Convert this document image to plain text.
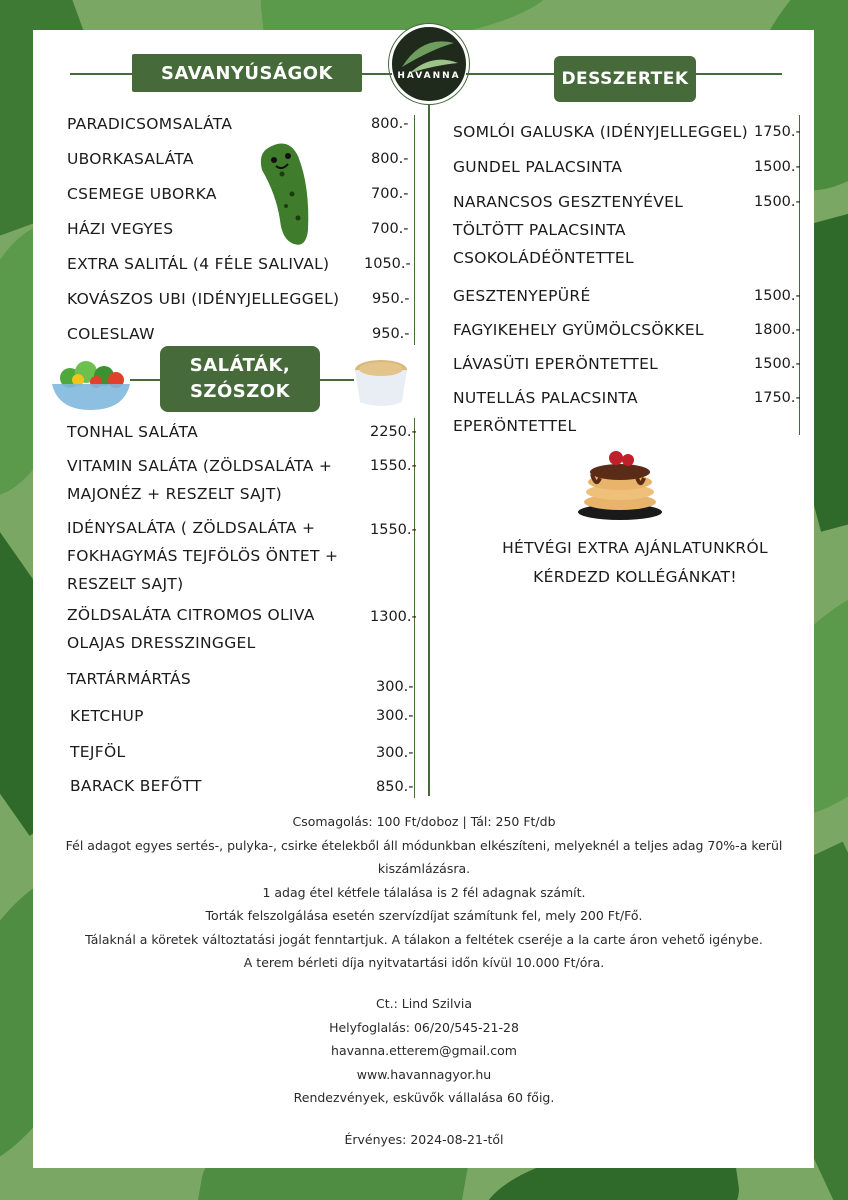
HAVANNA
SAVANYÚSÁGOK	DESSZERTEK
SALÁTÁK,
SZÓSZOK
PARADICSOMSALÁTA	800.-
UBORKASALÁTA	800.-
CSEMEGE UBORKA	700.-
HÁZI VEGYES	700.-
EXTRA SALITÁL (4 FÉLE SALIVAL) 1050.-
KOVÁSZOS UBI (IDÉNYJELLEGGEL) 950.-
COLESLAW	950.-
TONHAL SALÁTA	2250.-
VITAMIN SALÁTA (ZÖLDSALÁTA +
MAJONÉZ + RESZELT SAJT)
1550.-
IDÉNYSALÁTA ( ZÖLDSALÁTA +
FOKHAGYMÁS TEJFÖLÖS ÖNTET +
RESZELT SAJT)
1550.-
ZÖLDSALÁTA CITROMOS OLIVA
OLAJAS DRESSZINGGEL
1300.-
TARTÁRMÁRTÁS	300.-
KETCHUP	300.-
TEJFÖL	300.-
BARACK BEFŐTT	850.-
SOMLÓI GALUSKA (IDÉNYJELLEGGEL) 1750.-
GUNDEL PALACSINTA	1500.-
NARANCSOS GESZTENYÉVEL
TÖLTÖTT PALACSINTA
CSOKOLÁDÉÖNTETTEL
1500.-
GESZTENYEPÜRÉ	1500.-
FAGYIKEHELY GYÜMÖLCSÖKKEL	1800.-
LÁVASÜTI EPERÖNTETTEL	1500.-
NUTELLÁS PALACSINTA
EPERÖNTETTEL
1750.-
HÉTVÉGI EXTRA AJÁNLATUNKRÓL
KÉRDEZD KOLLÉGÁNKAT!
Csomagolás: 100 Ft/doboz | Tál: 250 Ft/db
Fél adagot egyes sertés-, pulyka-, csirke ételekből áll módunkban elkészíteni, melyeknél a teljes adag 70%-a kerül
kiszámlázásra.
1 adag étel kétfele tálalása is 2 fél adagnak számít.
Torták felszolgálása esetén szervízdíjat számítunk fel, mely 200 Ft/Fő.
Tálaknál a köretek változtatási jogát fenntartjuk. A tálakon a feltétek cseréje a la carte áron vehető igénybe.
A terem bérleti díja nyitvatartási időn kívül 10.000 Ft/óra.
Ct.: Lind Szilvia
Helyfoglalás: 06/20/545-21-28
havanna.etterem@gmail.com
www.havannagyor.hu
Rendezvények, esküvők vállalása 60 főig.
Érvényes: 2024-08-21-től
